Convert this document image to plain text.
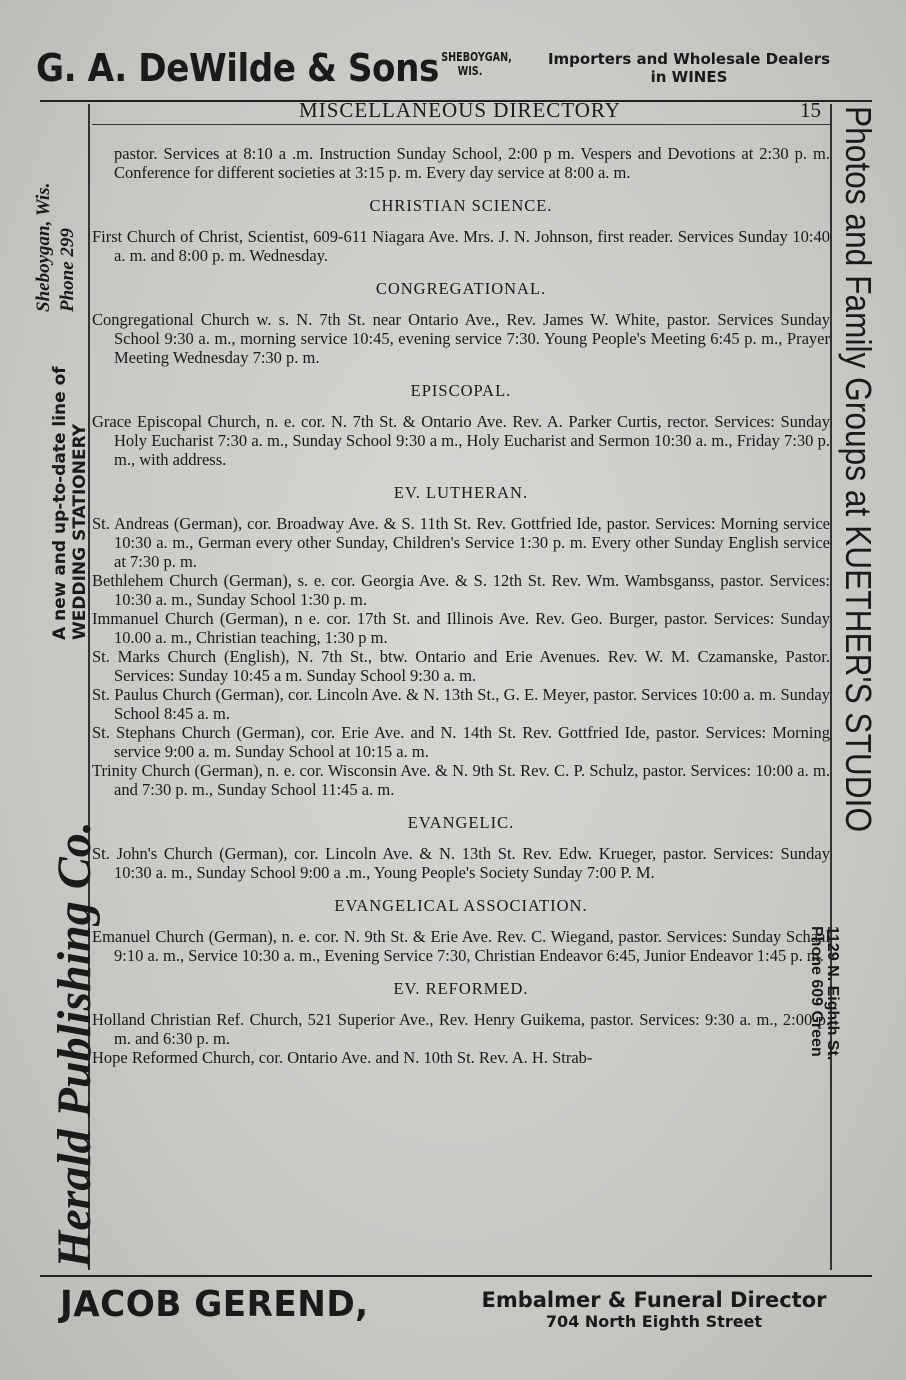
G. A. DeWilde & Sons SHEBOYGAN,
WIS.
Importers and Wholesale Dealers
in WINES
MISCELLANEOUS DIRECTORY	15
Herald Publishing Co.
A new and up-to-date line of WEDDING STATIONERY
Sheboygan, Wis. Phone 299	Photos and Family Groups at KUETHER'S STUDIO
1129 N. Eighth St.
Phone 609 Green

pastor. Services at 8:10 a .m. Instruction Sunday School, 2:00 p m. Vespers and Devotions at 2:30 p. m. Conference for different societies at 3:15 p. m. Every day service at 8:00 a. m.

CHRISTIAN SCIENCE.

First Church of Christ, Scientist, 609-611 Niagara Ave. Mrs. J. N. Johnson, first reader. Services Sunday 10:40 a. m. and 8:00 p. m. Wednesday.

CONGREGATIONAL.

Congregational Church w. s. N. 7th St. near Ontario Ave., Rev. James W. White, pastor. Services Sunday School 9:30 a. m., morning service 10:45, evening service 7:30. Young People's Meeting 6:45 p. m., Prayer Meeting Wednesday 7:30 p. m.

EPISCOPAL.

Grace Episcopal Church, n. e. cor. N. 7th St. & Ontario Ave. Rev. A. Parker Curtis, rector. Services: Sunday Holy Eucharist 7:30 a. m., Sunday School 9:30 a m., Holy Eucharist and Sermon 10:30 a. m., Friday 7:30 p. m., with address.

EV. LUTHERAN.

St. Andreas (German), cor. Broadway Ave. & S. 11th St. Rev. Gottfried Ide, pastor. Services: Morning service 10:30 a. m., German every other Sunday, Children's Service 1:30 p. m. Every other Sunday English service at 7:30 p. m.

Bethlehem Church (German), s. e. cor. Georgia Ave. & S. 12th St. Rev. Wm. Wambsganss, pastor. Services: 10:30 a. m., Sunday School 1:30 p. m.

Immanuel Church (German), n e. cor. 17th St. and Illinois Ave. Rev. Geo. Burger, pastor. Services: Sunday 10.00 a. m., Christian teaching, 1:30 p m.

St. Marks Church (English), N. 7th St., btw. Ontario and Erie Avenues. Rev. W. M. Czamanske, Pastor. Services: Sunday 10:45 a m. Sunday School 9:30 a. m.

St. Paulus Church (German), cor. Lincoln Ave. & N. 13th St., G. E. Meyer, pastor. Services 10:00 a. m. Sunday School 8:45 a. m.

St. Stephans Church (German), cor. Erie Ave. and N. 14th St. Rev. Gottfried Ide, pastor. Services: Morning service 9:00 a. m. Sunday School at 10:15 a. m.

Trinity Church (German), n. e. cor. Wisconsin Ave. & N. 9th St. Rev. C. P. Schulz, pastor. Services: 10:00 a. m. and 7:30 p. m., Sunday School 11:45 a. m.

EVANGELIC.

St. John's Church (German), cor. Lincoln Ave. & N. 13th St. Rev. Edw. Krueger, pastor. Services: Sunday 10:30 a. m., Sunday School 9:00 a .m., Young People's Society Sunday 7:00 P. M.

EVANGELICAL ASSOCIATION.

Emanuel Church (German), n. e. cor. N. 9th St. & Erie Ave. Rev. C. Wiegand, pastor. Services: Sunday Schaal 9:10 a. m., Service 10:30 a. m., Evening Service 7:30, Christian Endeavor 6:45, Junior Endeavor 1:45 p. m.

EV. REFORMED.

Holland Christian Ref. Church, 521 Superior Ave., Rev. Henry Guikema, pastor. Services: 9:30 a. m., 2:00 p. m. and 6:30 p. m.

Hope Reformed Church, cor. Ontario Ave. and N. 10th St. Rev. A. H. Strab-

JACOB GEREND,	Embalmer & Funeral Director
704 North Eighth Street
